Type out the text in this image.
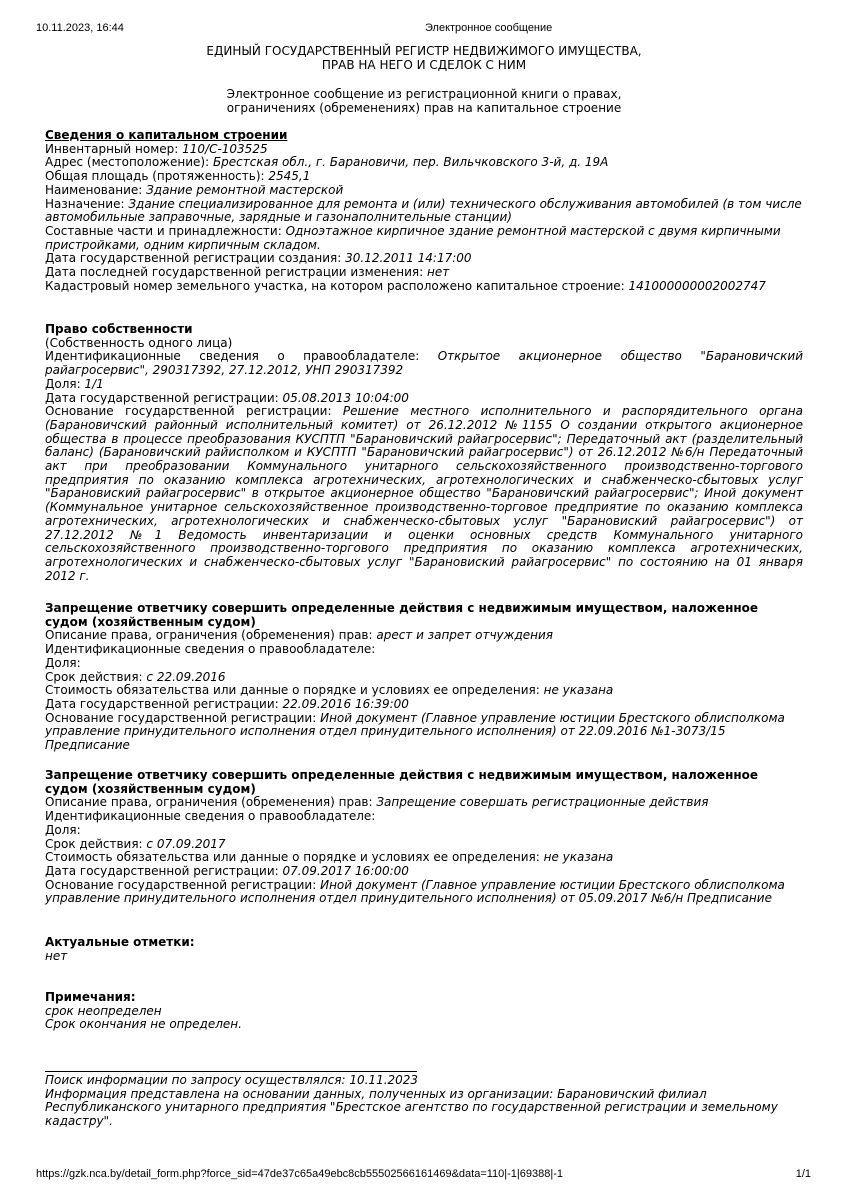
10.11.2023, 16:44	Электронное сообщение

ЕДИНЫЙ ГОСУДАРСТВЕННЫЙ РЕГИСТР НЕДВИЖИМОГО ИМУЩЕСТВА,

ПРАВ НА НЕГО И СДЕЛОК С НИМ

Электронное сообщение из регистрационной книги о правах,

ограничениях (обременениях) прав на капитальное строение

Сведения о капитальном строении

Инвентарный номер: 110/С-103525

Адрес (местоположение): Брестская обл., г. Барановичи, пер. Вильчковского 3-й, д. 19А

Общая площадь (протяженность): 2545,1

Наименование: Здание ремонтной мастерской

Назначение: Здание специализированное для ремонта и (или) технического обслуживания автомобилей (в том числе автомобильные заправочные, зарядные и газонаполнительные станции)

Составные части и принадлежности: Одноэтажное кирпичное здание ремонтной мастерской с двумя кирпичными пристройками, одним кирпичным складом.

Дата государственной регистрации создания: 30.12.2011 14:17:00

Дата последней государственной регистрации изменения: нет

Кадастровый номер земельного участка, на котором расположено капитальное строение: 141000000002002747

Право собственности

(Собственность одного лица)

Идентификационные сведения о правообладателе: Открытое акционерное общество "Барановичский райагросервис", 290317392, 27.12.2012, УНП 290317392

Доля: 1/1

Дата государственной регистрации: 05.08.2013 10:04:00

Основание государственной регистрации: Решение местного исполнительного и распорядительного органа (Барановичский районный исполнительный комитет) от 26.12.2012 №1155 О создании открытого акционерное общества в процессе преобразования КУСПТП "Барановичский райагросервис"; Передаточный акт (разделительный баланс) (Барановичский райисполком и КУСПТП "Барановичский райагросервис") от 26.12.2012 №6/н Передаточный акт при преобразовании Коммунального унитарного сельскохозяйственного производственно-торгового предприятия по оказанию комплекса агротехнических, агротехнологических и снабженческо-сбытовых услуг "Барановиский райагросервис" в открытое акционерное общество "Барановичский райагросервис"; Иной документ (Коммунальное унитарное сельскохозяйственное производственно-торговое предприятие по оказанию комплекса агротехнических, агротехнологических и снабженческо-сбытовых услуг "Барановиский райагросервис") от 27.12.2012 №1 Ведомость инвентаризации и оценки основных средств Коммунального унитарного сельскохозяйственного производственно-торгового предприятия по оказанию комплекса агротехнических, агротехнологических и снабженческо-сбытовых услуг "Барановиский райагросервис" по состоянию на 01 января 2012 г.

Запрещение ответчику совершить определенные действия с недвижимым имуществом, наложенное судом (хозяйственным судом)

Описание права, ограничения (обременения) прав: арест и запрет отчуждения

Идентификационные сведения о правообладателе:

Доля:

Срок действия: с 22.09.2016

Стоимость обязательства или данные о порядке и условиях ее определения: не указана

Дата государственной регистрации: 22.09.2016 16:39:00

Основание государственной регистрации: Иной документ (Главное управление юстиции Брестского облисполкома управление принудительного исполнения отдел принудительного исполнения) от 22.09.2016 №1-3073/15 Предписание

Запрещение ответчику совершить определенные действия с недвижимым имуществом, наложенное судом (хозяйственным судом)

Описание права, ограничения (обременения) прав: Запрещение совершать регистрационные действия

Идентификационные сведения о правообладателе:

Доля:

Срок действия: с 07.09.2017

Стоимость обязательства или данные о порядке и условиях ее определения: не указана

Дата государственной регистрации: 07.09.2017 16:00:00

Основание государственной регистрации: Иной документ (Главное управление юстиции Брестского облисполкома управление принудительного исполнения отдел принудительного исполнения) от 05.09.2017 №6/н Предписание

Актуальные отметки:

нет

Примечания:

срок неопределен

Срок окончания не определен.

Поиск информации по запросу осуществлялся: 10.11.2023

Информация представлена на основании данных, полученных из организации: Барановичский филиал Республиканского унитарного предприятия "Брестское агентство по государственной регистрации и земельному кадастру".

https://gzk.nca.by/detail_form.php?force_sid=47de37c65a49ebc8cb55502566161469&data=110|-1|69388|-1	1/1
